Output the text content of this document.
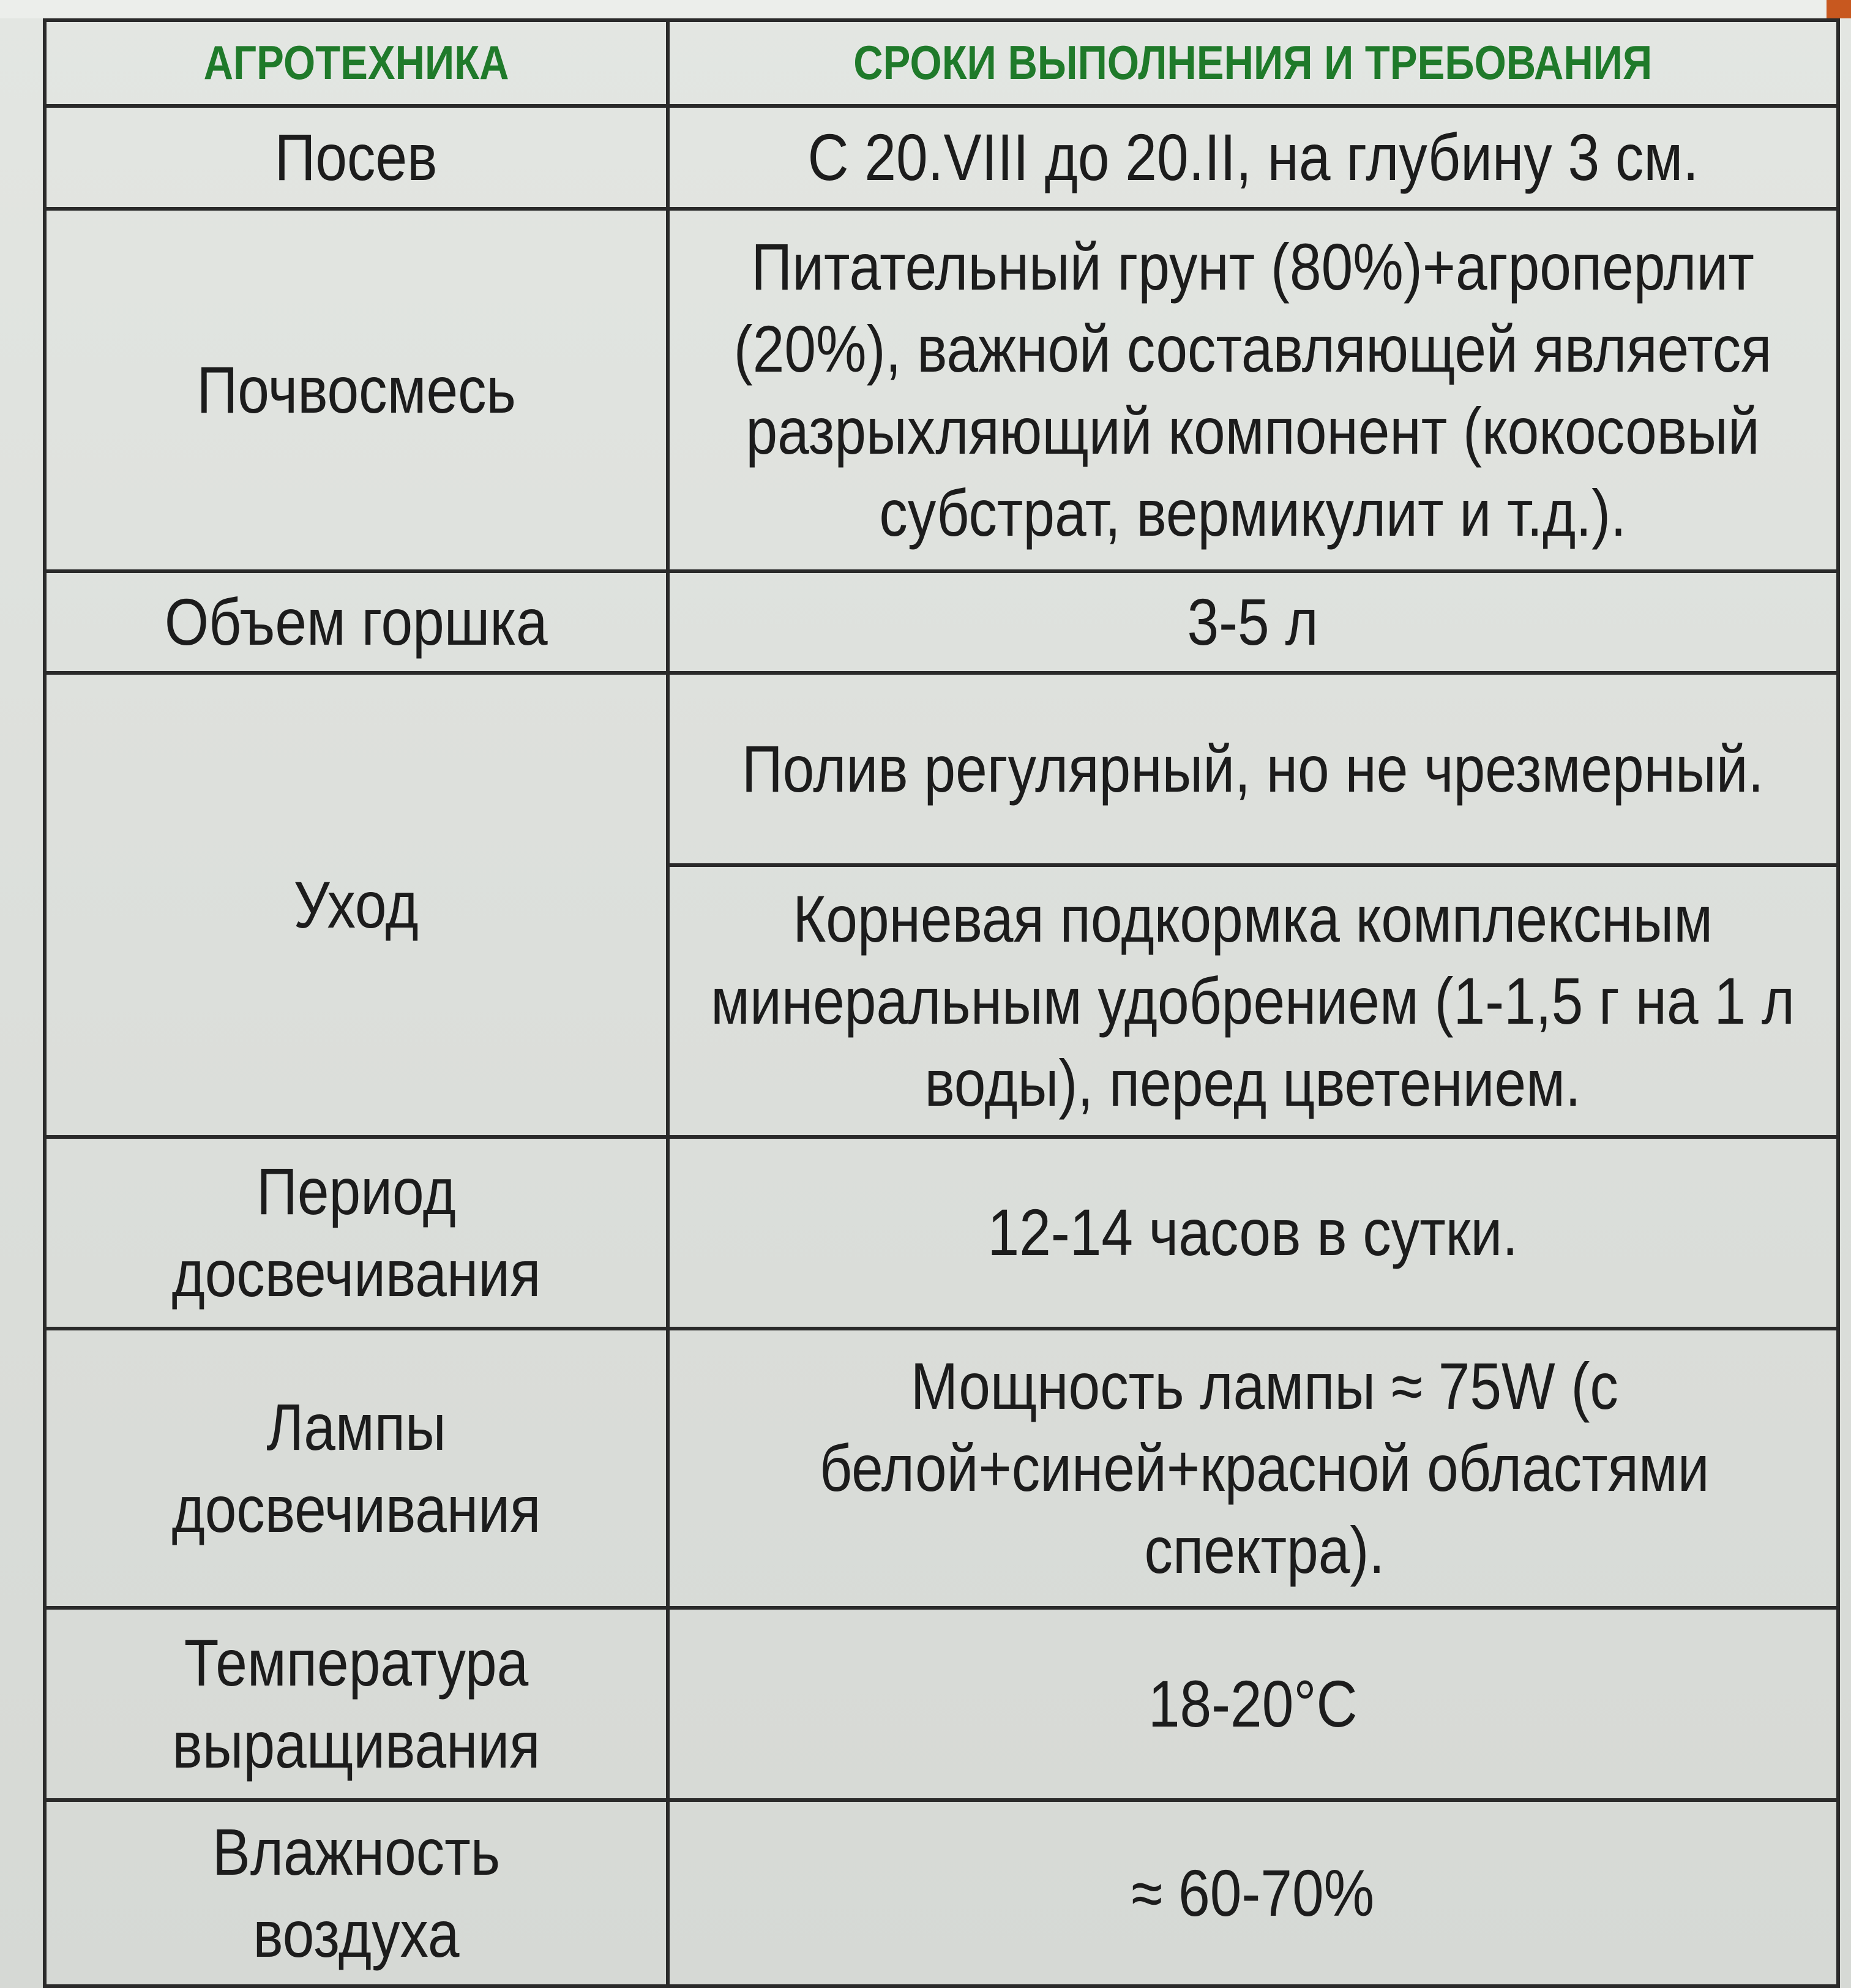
АГРОТЕХНИКА	СРОКИ ВЫПОЛНЕНИЯ И ТРЕБОВАНИЯ
Посев	С 20.VIII до 20.II, на глубину 3 см.
Почвосмесь	Питательный грунт (80%)+агроперлит (20%), важной составляющей является разрыхляющий компонент (кокосовый субстрат, вермикулит и т.д.).
Объем горшка	3-5 л
Уход	Полив регулярный, но не чрезмерный.
	Корневая подкормка комплексным минеральным удобрением (1-1,5 г на 1 л воды), перед цветением.
Период досвечивания	12-14 часов в сутки.
Лампы досвечивания	Мощность лампы ≈ 75W (с белой+синей+красной областями спектра).
Температура выращивания	18-20°С
Влажность воздуха	≈ 60-70%
